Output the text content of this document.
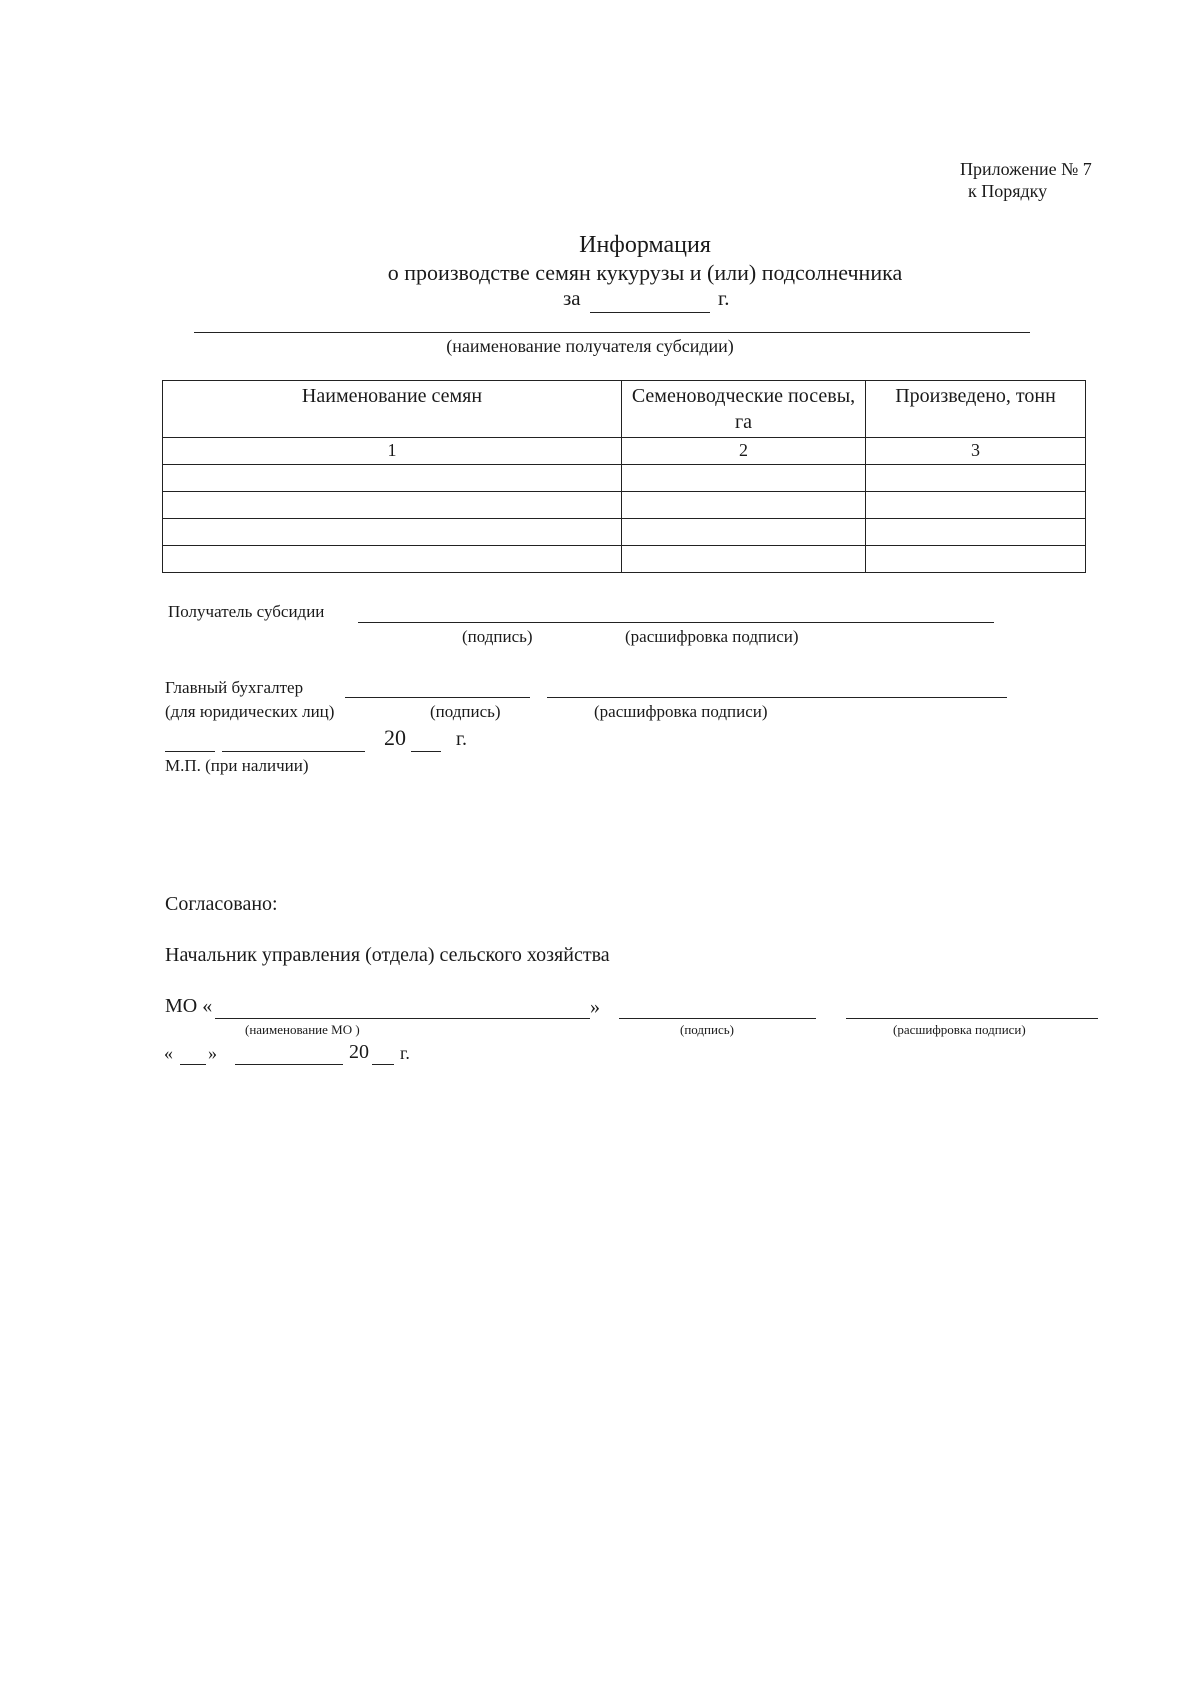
Приложение № 7
к Порядку
Информация
о производстве семян кукурузы и (или) подсолнечника
за	г.
(наименование получателя субсидии)
Наименование семян	Семеноводческие посевы, га	Произведено, тонн
1	2	3

Получатель субсидии
(подпись)	(расшифровка подписи)
Главный бухгалтер
(для юридических лиц)	(подпись)	(расшифровка подписи)
20	г.
М.П. (при наличии)
Согласовано:
Начальник управления (отдела) сельского хозяйства
МО «	»
(наименование МО )	(подпись)	(расшифровка подписи)
« »	20 г.
